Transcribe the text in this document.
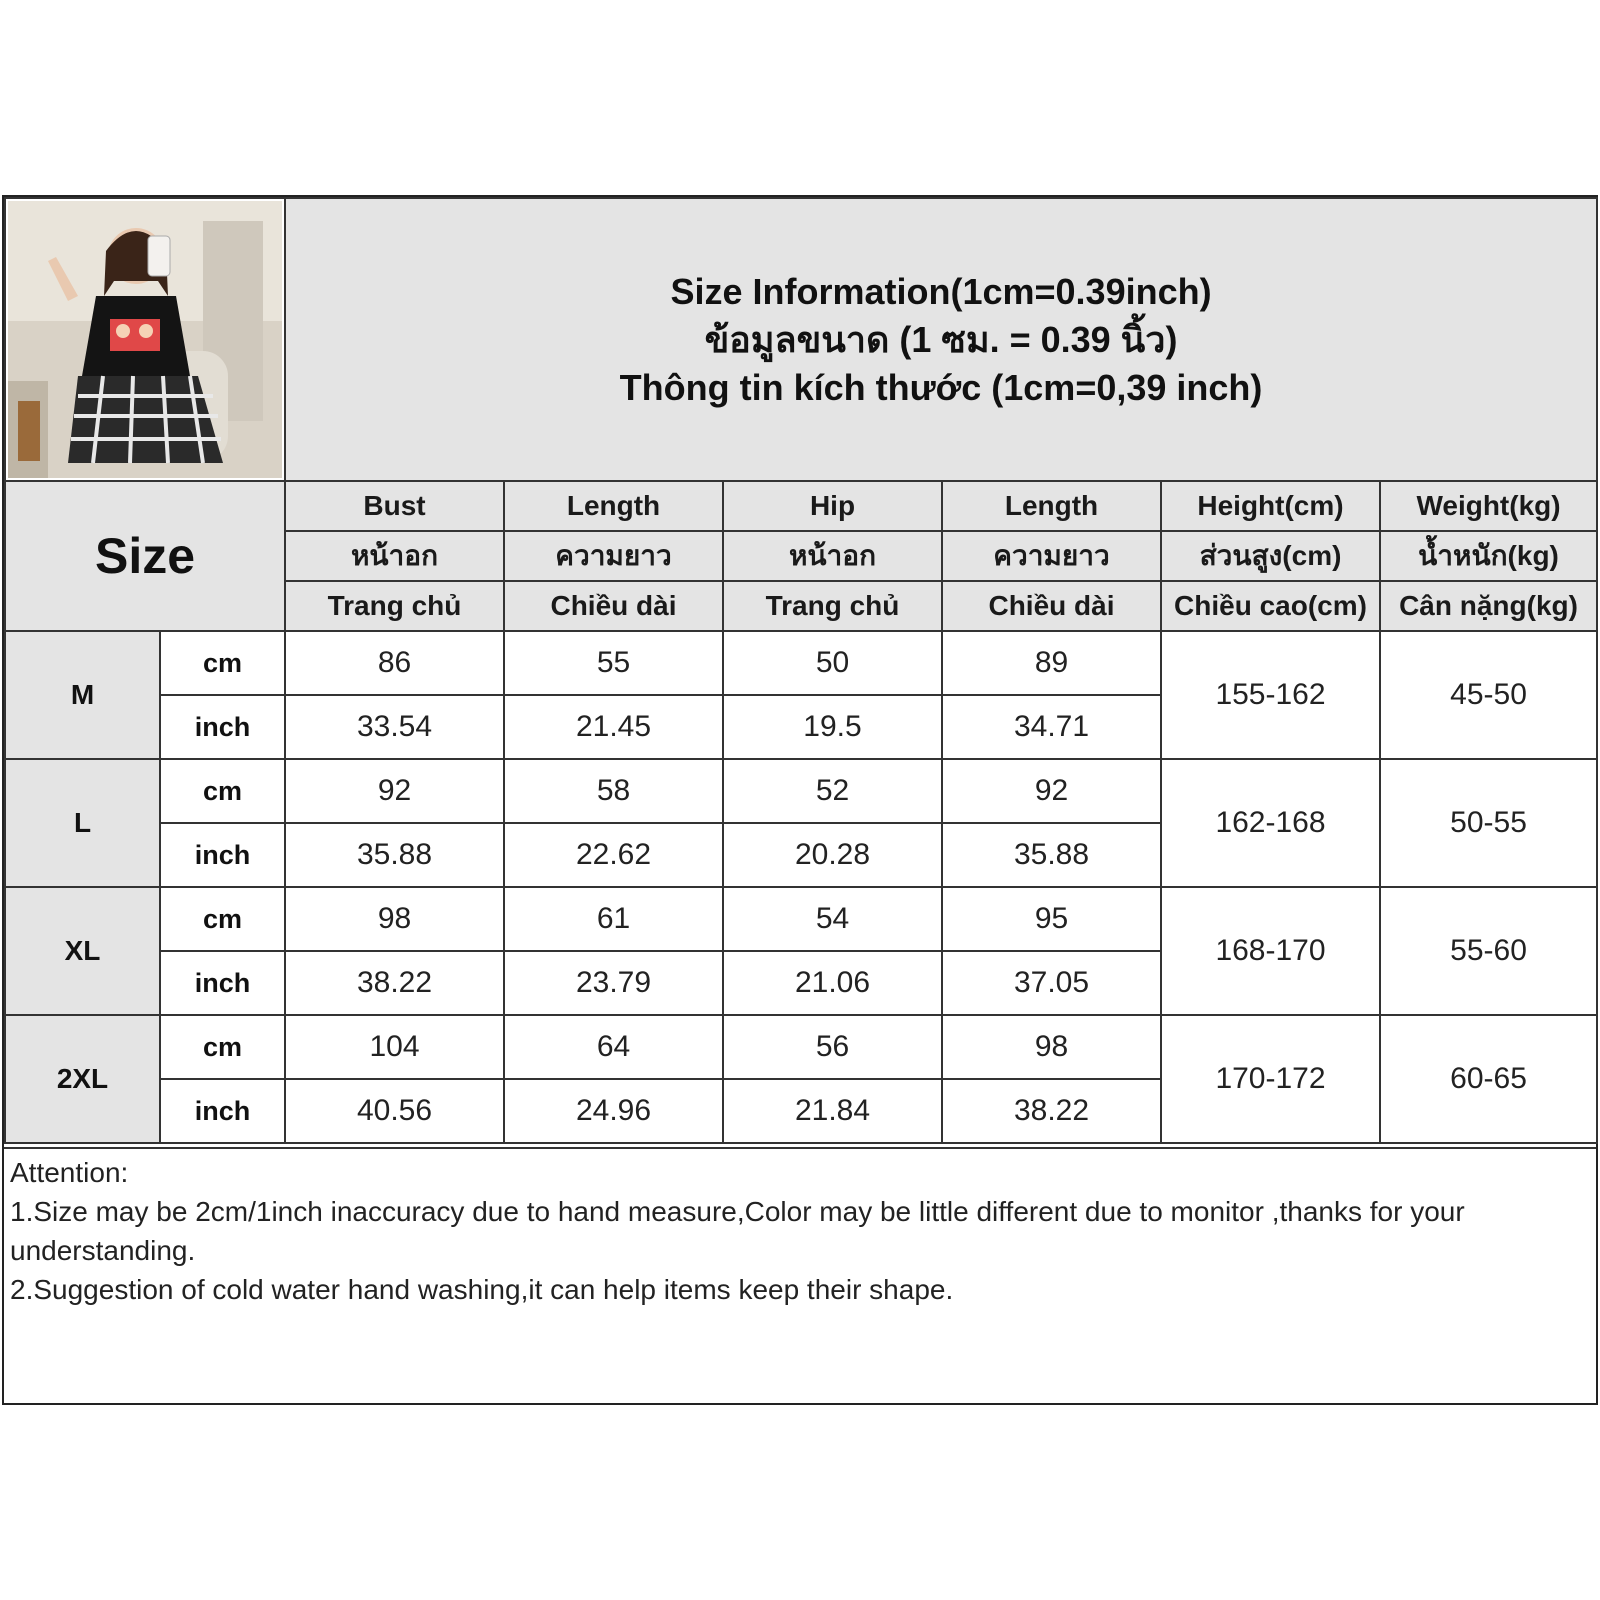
Size Information(1cm=0.39inch)
ข้อมูลขนาด (1 ซม. = 0.39 นิ้ว)
Thông tin kích thước (1cm=0,39 inch)					

Size		Bust	Length	Hip	Length	Height(cm)	Weight(kg)
		หน้าอก	ความยาว	หน้าอก	ความยาว	ส่วนสูง(cm)	น้ำหนัก(kg)
		Trang chủ	Chiều dài	Trang chủ	Chiều dài	Chiều cao(cm)	Cân nặng(kg)
M	cm	86	55	50	89	155-162	45-50
	inch	33.54	21.45	19.5	34.71		
L	cm	92	58	52	92	162-168	50-55
	inch	35.88	22.62	20.28	35.88		
XL	cm	98	61	54	95	168-170	55-60
	inch	38.22	23.79	21.06	37.05		
2XL	cm	104	64	56	98	170-172	60-65
	inch	40.56	24.96	21.84	38.22		

Attention:

1.Size may be 2cm/1inch inaccuracy due to hand measure,Color may be little different due to monitor ,thanks for your understanding.

2.Suggestion of cold water hand washing,it can help items keep their shape.
